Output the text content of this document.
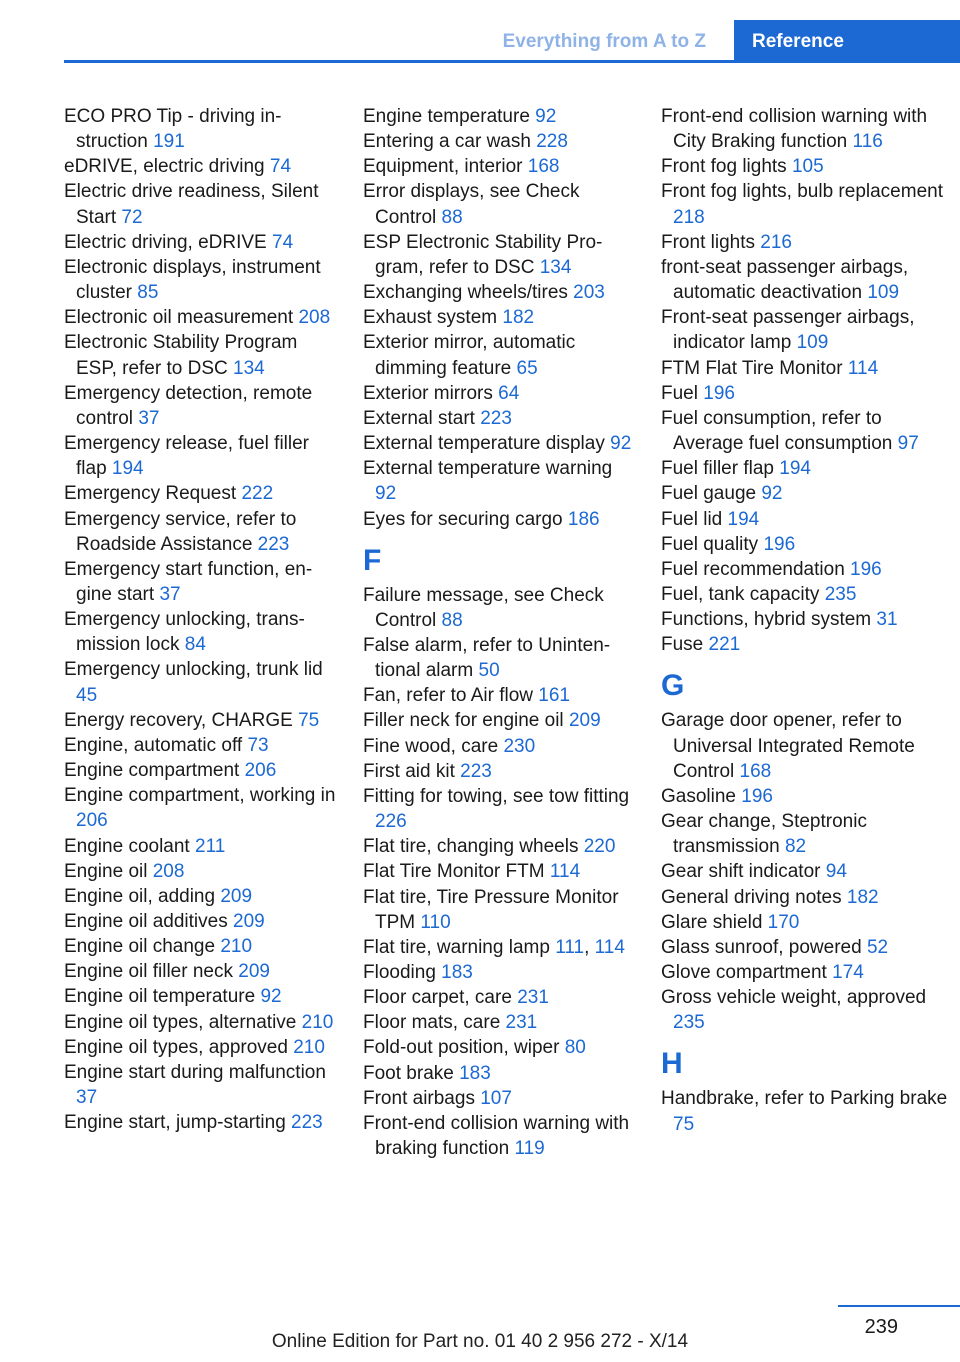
Everything from A to Z	Reference
ECO PRO Tip - driving instruction 191
eDRIVE, electric driving 74
Electric drive readiness, Silent Start 72
Electric driving, eDRIVE 74
Electronic displays, instrument cluster 85
Electronic oil measurement 208
Electronic Stability Program ESP, refer to DSC 134
Emergency detection, remote control 37
Emergency release, fuel filler flap 194
Emergency Request 222
Emergency service, refer to Roadside Assistance 223
Emergency start function, engine start 37
Emergency unlocking, transmission lock 84
Emergency unlocking, trunk lid 45
Energy recovery, CHARGE 75
Engine, automatic off 73
Engine compartment 206
Engine compartment, working in 206
Engine coolant 211
Engine oil 208
Engine oil, adding 209
Engine oil additives 209
Engine oil change 210
Engine oil filler neck 209
Engine oil temperature 92
Engine oil types, alternative 210
Engine oil types, approved 210
Engine start during malfunction 37
Engine start, jump-starting 223
Engine temperature 92
Entering a car wash 228
Equipment, interior 168
Error displays, see Check Control 88
ESP Electronic Stability Program, refer to DSC 134
Exchanging wheels/tires 203
Exhaust system 182
Exterior mirror, automatic dimming feature 65
Exterior mirrors 64
External start 223
External temperature display 92
External temperature warning 92
Eyes for securing cargo 186
F
Failure message, see Check Control 88
False alarm, refer to Unintentional alarm 50
Fan, refer to Air flow 161
Filler neck for engine oil 209
Fine wood, care 230
First aid kit 223
Fitting for towing, see tow fitting 226
Flat tire, changing wheels 220
Flat Tire Monitor FTM 114
Flat tire, Tire Pressure Monitor TPM 110
Flat tire, warning lamp 111, 114
Flooding 183
Floor carpet, care 231
Floor mats, care 231
Fold-out position, wiper 80
Foot brake 183
Front airbags 107
Front-end collision warning with braking function 119
Front-end collision warning with City Braking function 116
Front fog lights 105
Front fog lights, bulb replacement 218
Front lights 216
front-seat passenger airbags, automatic deactivation 109
Front-seat passenger airbags, indicator lamp 109
FTM Flat Tire Monitor 114
Fuel 196
Fuel consumption, refer to Average fuel consumption 97
Fuel filler flap 194
Fuel gauge 92
Fuel lid 194
Fuel quality 196
Fuel recommendation 196
Fuel, tank capacity 235
Functions, hybrid system 31
Fuse 221
G
Garage door opener, refer to Universal Integrated Remote Control 168
Gasoline 196
Gear change, Steptronic transmission 82
Gear shift indicator 94
General driving notes 182
Glare shield 170
Glass sunroof, powered 52
Glove compartment 174
Gross vehicle weight, approved 235
H
Handbrake, refer to Parking brake 75
239
Online Edition for Part no. 01 40 2 956 272 - X/14
